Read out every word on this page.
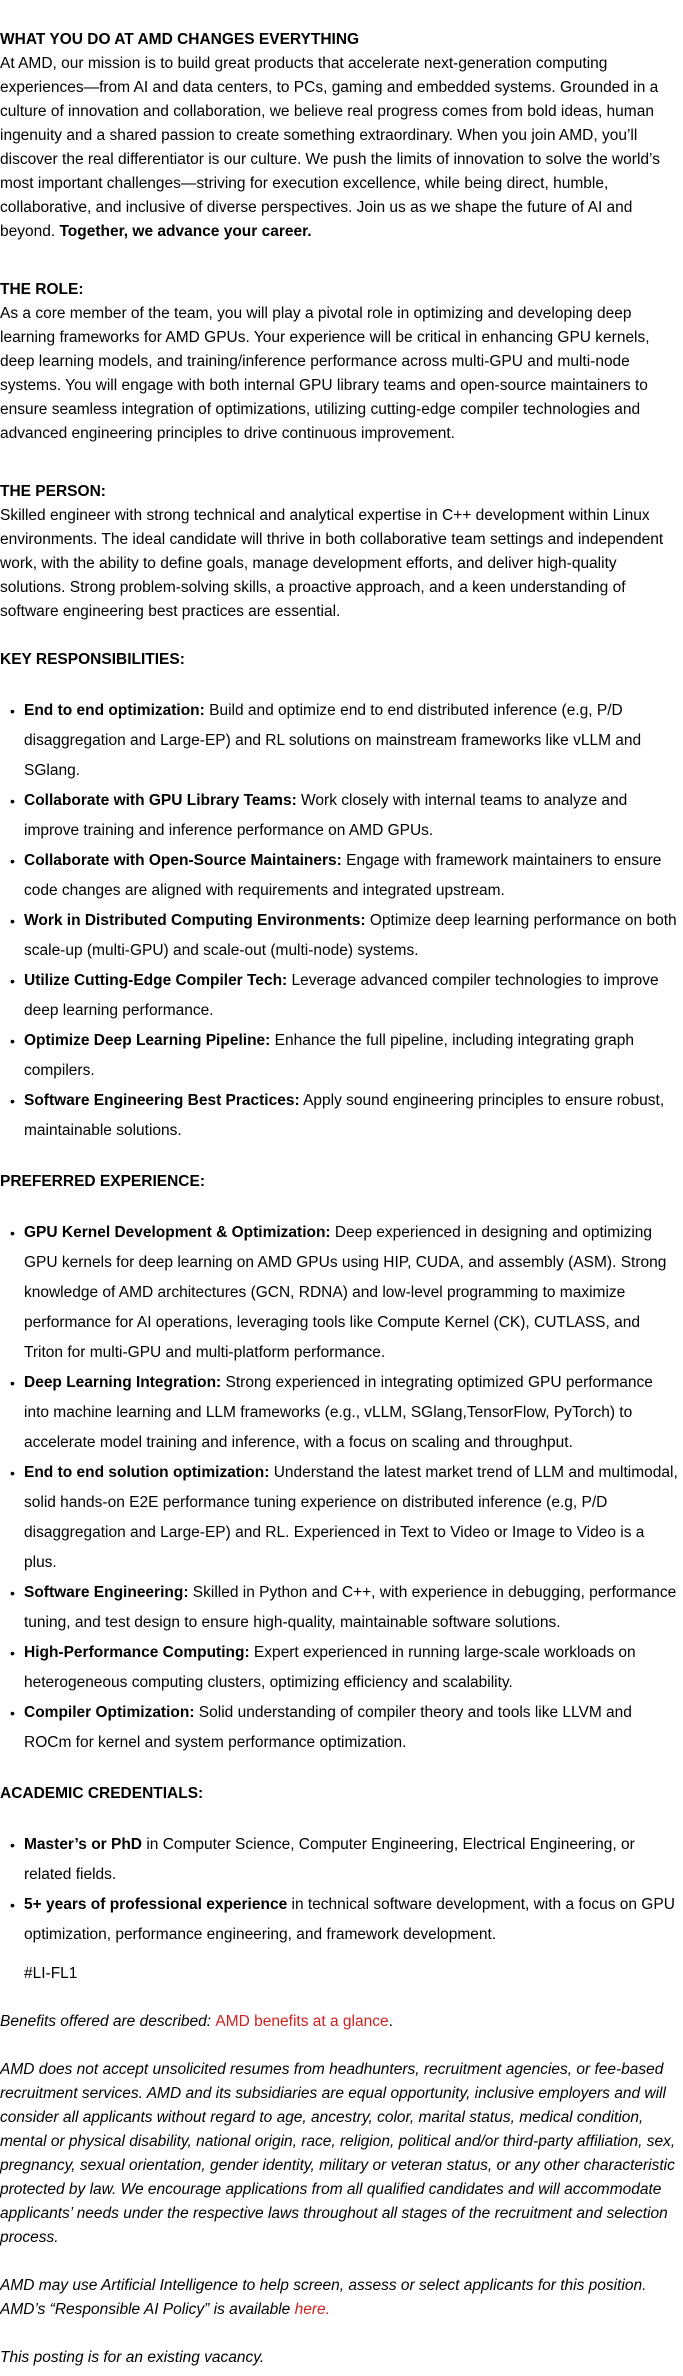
WHAT YOU DO AT AMD CHANGES EVERYTHING

At AMD, our mission is to build great products that accelerate next-generation computing experiences—from AI and data centers, to PCs, gaming and embedded systems. Grounded in a culture of innovation and collaboration, we believe real progress comes from bold ideas, human ingenuity and a shared passion to create something extraordinary. When you join AMD, you’ll discover the real differentiator is our culture. We push the limits of innovation to solve the world’s most important challenges—striving for execution excellence, while being direct, humble, collaborative, and inclusive of diverse perspectives. Join us as we shape the future of AI and beyond. Together, we advance your career.

THE ROLE:

As a core member of the team, you will play a pivotal role in optimizing and developing deep learning frameworks for AMD GPUs. Your experience will be critical in enhancing GPU kernels, deep learning models, and training/inference performance across multi-GPU and multi-node systems. You will engage with both internal GPU library teams and open-source maintainers to ensure seamless integration of optimizations, utilizing cutting-edge compiler technologies and advanced engineering principles to drive continuous improvement.

THE PERSON:

Skilled engineer with strong technical and analytical expertise in C++ development within Linux environments. The ideal candidate will thrive in both collaborative team settings and independent work, with the ability to define goals, manage development efforts, and deliver high-quality solutions. Strong problem-solving skills, a proactive approach, and a keen understanding of software engineering best practices are essential.

KEY RESPONSIBILITIES:
• End to end optimization: Build and optimize end to end distributed inference (e.g, P/D disaggregation and Large-EP) and RL solutions on mainstream frameworks like vLLM and SGlang.
• Collaborate with GPU Library Teams: Work closely with internal teams to analyze and improve training and inference performance on AMD GPUs.
• Collaborate with Open-Source Maintainers: Engage with framework maintainers to ensure code changes are aligned with requirements and integrated upstream.
• Work in Distributed Computing Environments: Optimize deep learning performance on both scale-up (multi-GPU) and scale-out (multi-node) systems.
• Utilize Cutting-Edge Compiler Tech: Leverage advanced compiler technologies to improve deep learning performance.
• Optimize Deep Learning Pipeline: Enhance the full pipeline, including integrating graph compilers.
• Software Engineering Best Practices: Apply sound engineering principles to ensure robust, maintainable solutions.
PREFERRED EXPERIENCE:
• GPU Kernel Development & Optimization: Deep experienced in designing and optimizing GPU kernels for deep learning on AMD GPUs using HIP, CUDA, and assembly (ASM). Strong knowledge of AMD architectures (GCN, RDNA) and low-level programming to maximize performance for AI operations, leveraging tools like Compute Kernel (CK), CUTLASS, and Triton for multi-GPU and multi-platform performance.
• Deep Learning Integration: Strong experienced in integrating optimized GPU performance into machine learning and LLM frameworks (e.g., vLLM, SGlang,TensorFlow, PyTorch) to accelerate model training and inference, with a focus on scaling and throughput.
• End to end solution optimization: Understand the latest market trend of LLM and multimodal, solid hands-on E2E performance tuning experience on distributed inference (e.g, P/D disaggregation and Large-EP) and RL. Experienced in Text to Video or Image to Video is a plus.
• Software Engineering: Skilled in Python and C++, with experience in debugging, performance tuning, and test design to ensure high-quality, maintainable software solutions.
• High-Performance Computing: Expert experienced in running large-scale workloads on heterogeneous computing clusters, optimizing efficiency and scalability.
• Compiler Optimization: Solid understanding of compiler theory and tools like LLVM and ROCm for kernel and system performance optimization.
ACADEMIC CREDENTIALS:
• Master’s or PhD in Computer Science, Computer Engineering, Electrical Engineering, or related fields.
• 5+ years of professional experience in technical software development, with a focus on GPU optimization, performance engineering, and framework development.
#LI-FL1

Benefits offered are described: AMD benefits at a glance.

AMD does not accept unsolicited resumes from headhunters, recruitment agencies, or fee-based recruitment services. AMD and its subsidiaries are equal opportunity, inclusive employers and will consider all applicants without regard to age, ancestry, color, marital status, medical condition, mental or physical disability, national origin, race, religion, political and/or third-party affiliation, sex, pregnancy, sexual orientation, gender identity, military or veteran status, or any other characteristic protected by law. We encourage applications from all qualified candidates and will accommodate applicants’ needs under the respective laws throughout all stages of the recruitment and selection process.

AMD may use Artificial Intelligence to help screen, assess or select applicants for this position. AMD’s “Responsible AI Policy” is available here.

This posting is for an existing vacancy.
